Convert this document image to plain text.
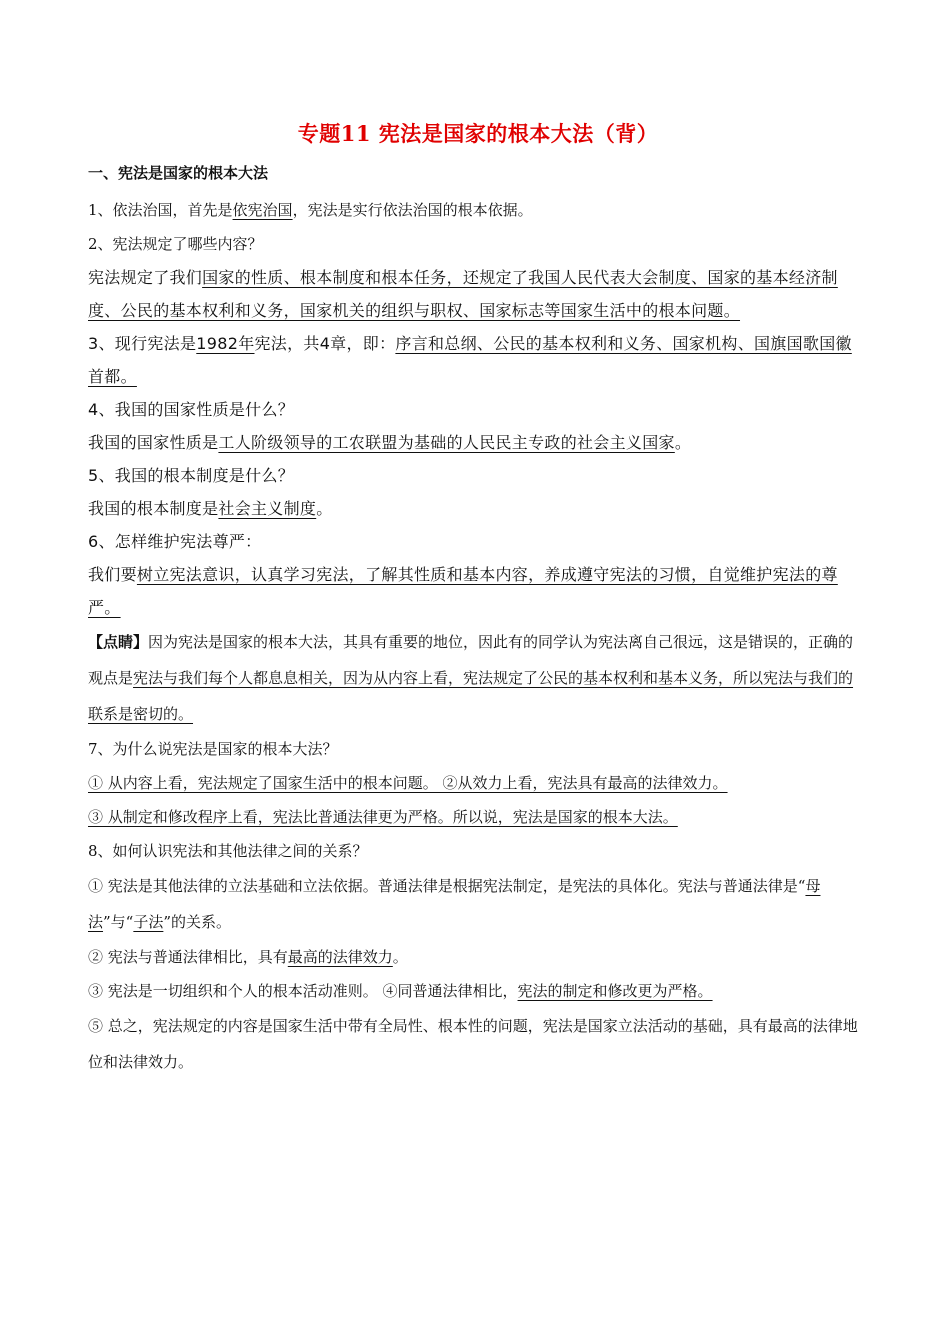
专题11 宪法是国家的根本大法（背）
一、宪法是国家的根本大法

1、依法治国，首先是依宪治国，宪法是实行依法治国的根本依据。

2、宪法规定了哪些内容？

宪法规定了我们国家的性质、根本制度和根本任务，还规定了我国人民代表大会制度、国家的基本经济制度、公民的基本权利和义务，国家机关的组织与职权、国家标志等国家生活中的根本问题。

3、现行宪法是1982年宪法，共4章，即：序言和总纲、公民的基本权利和义务、国家机构、国旗国歌国徽首都。

4、我国的国家性质是什么？

我国的国家性质是工人阶级领导的工农联盟为基础的人民民主专政的社会主义国家。

5、我国的根本制度是什么？

我国的根本制度是社会主义制度。

6、怎样维护宪法尊严：

我们要树立宪法意识，认真学习宪法，了解其性质和基本内容，养成遵守宪法的习惯，自觉维护宪法的尊严。

【点睛】因为宪法是国家的根本大法，其具有重要的地位，因此有的同学认为宪法离自己很远，这是错误的，正确的观点是宪法与我们每个人都息息相关，因为从内容上看，宪法规定了公民的基本权利和基本义务，所以宪法与我们的联系是密切的。

7、为什么说宪法是国家的根本大法？

① 从内容上看，宪法规定了国家生活中的根本问题。 ②从效力上看，宪法具有最高的法律效力。

③ 从制定和修改程序上看，宪法比普通法律更为严格。所以说，宪法是国家的根本大法。

8、如何认识宪法和其他法律之间的关系？

① 宪法是其他法律的立法基础和立法依据。普通法律是根据宪法制定，是宪法的具体化。宪法与普通法律是“母法”与“子法”的关系。

② 宪法与普通法律相比，具有最高的法律效力。

③ 宪法是一切组织和个人的根本活动准则。 ④同普通法律相比，宪法的制定和修改更为严格。

⑤ 总之，宪法规定的内容是国家生活中带有全局性、根本性的问题，宪法是国家立法活动的基础，具有最高的法律地位和法律效力。
